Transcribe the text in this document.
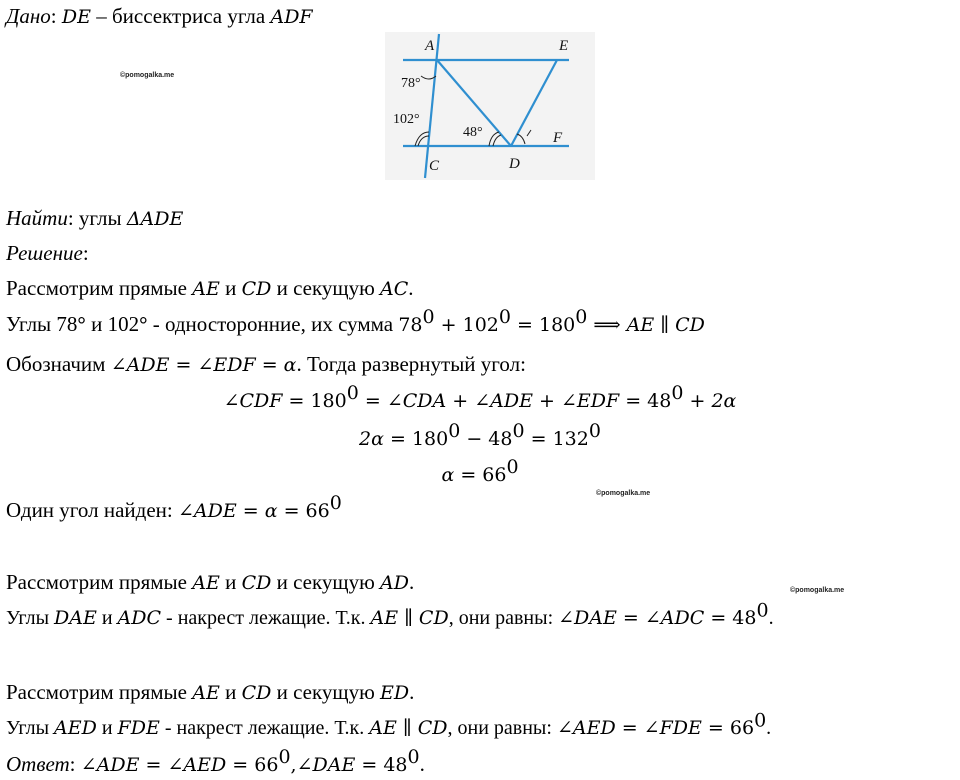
Дано: DE – биссектриса угла ADF
©pomogalka.me
©pomogalka.me
©pomogalka.me
A	E
C	D
F
78°
102°
48°
Найти: углы ΔADE
Решение:
Рассмотрим прямые AE и CD и секущую AC.
Углы 78° и 102° - односторонние, их сумма $78^0 + 102^0 = 180^0$ ⟹ AE ∥ CD
Обозначим ∠ADE = ∠EDF = α. Тогда развернутый угол:
∠CDF = $180^0$ = ∠CDA + ∠ADE + ∠EDF = $48^0 + 2\alpha$
$2\alpha = 180^0 - 48^0 = 132^0$
$\alpha = 66^0$
Один угол найден: ∠ADE = $\alpha = 66^0$
Рассмотрим прямые AE и CD и секущую AD.
Углы DAE и ADC - накрест лежащие. Т.к. AE ∥ CD, они равны: ∠DAE = ∠ADC = $48^0$.
Рассмотрим прямые AE и CD и секущую ED.
Углы AED и FDE - накрест лежащие. Т.к. AE ∥ CD, они равны: ∠AED = ∠FDE = $66^0$.
Ответ: ∠ADE = ∠AED = $66^0,\angle DAE = 48^0$.
